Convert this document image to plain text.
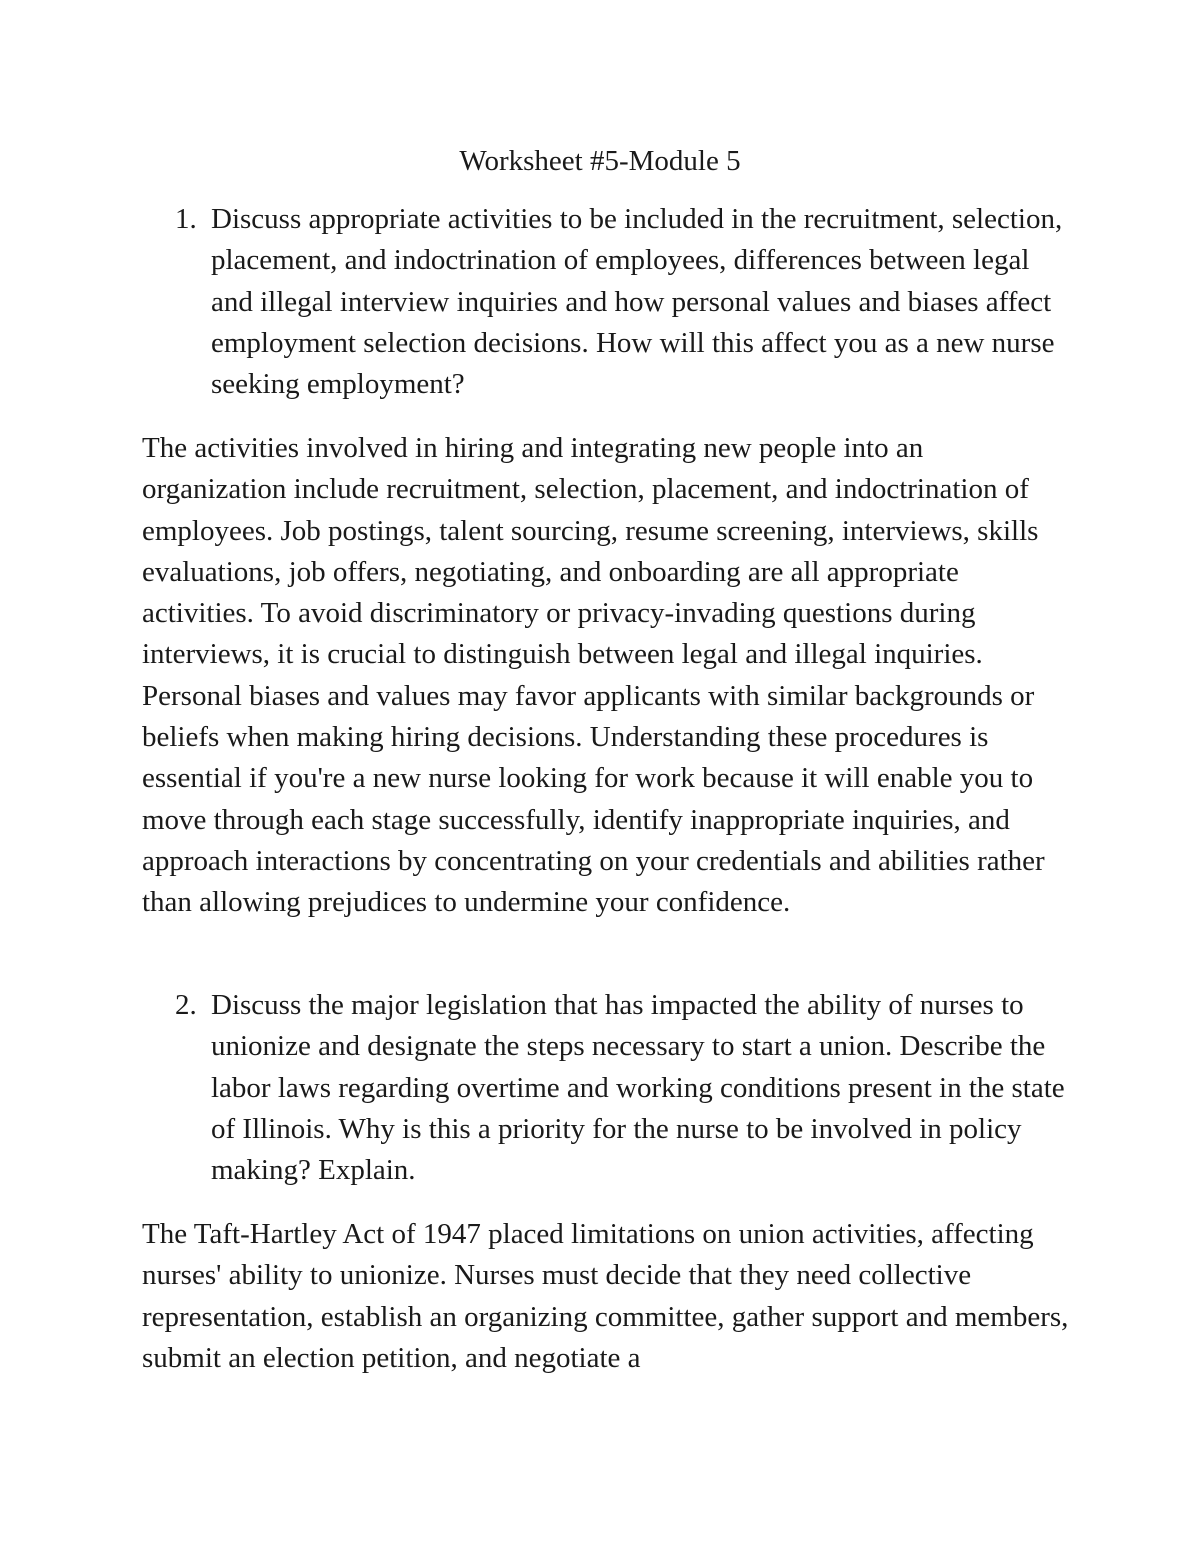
Worksheet #5-Module 5
1. Discuss appropriate activities to be included in the recruitment, selection, placement, and indoctrination of employees, differences between legal and illegal interview inquiries and how personal values and biases affect employment selection decisions. How will this affect you as a new nurse seeking employment?

The activities involved in hiring and integrating new people into an organization include recruitment, selection, placement, and indoctrination of employees. Job postings, talent sourcing, resume screening, interviews, skills evaluations, job offers, negotiating, and onboarding are all appropriate activities. To avoid discriminatory or privacy-invading questions during interviews, it is crucial to distinguish between legal and illegal inquiries. Personal biases and values may favor applicants with similar backgrounds or beliefs when making hiring decisions. Understanding these procedures is essential if you're a new nurse looking for work because it will enable you to move through each stage successfully, identify inappropriate inquiries, and approach interactions by concentrating on your credentials and abilities rather than allowing prejudices to undermine your confidence.

2. Discuss the major legislation that has impacted the ability of nurses to unionize and designate the steps necessary to start a union. Describe the labor laws regarding overtime and working conditions present in the state of Illinois. Why is this a priority for the nurse to be involved in policy making? Explain.

The Taft-Hartley Act of 1947 placed limitations on union activities, affecting nurses' ability to unionize. Nurses must decide that they need collective representation, establish an organizing committee, gather support and members, submit an election petition, and negotiate a
